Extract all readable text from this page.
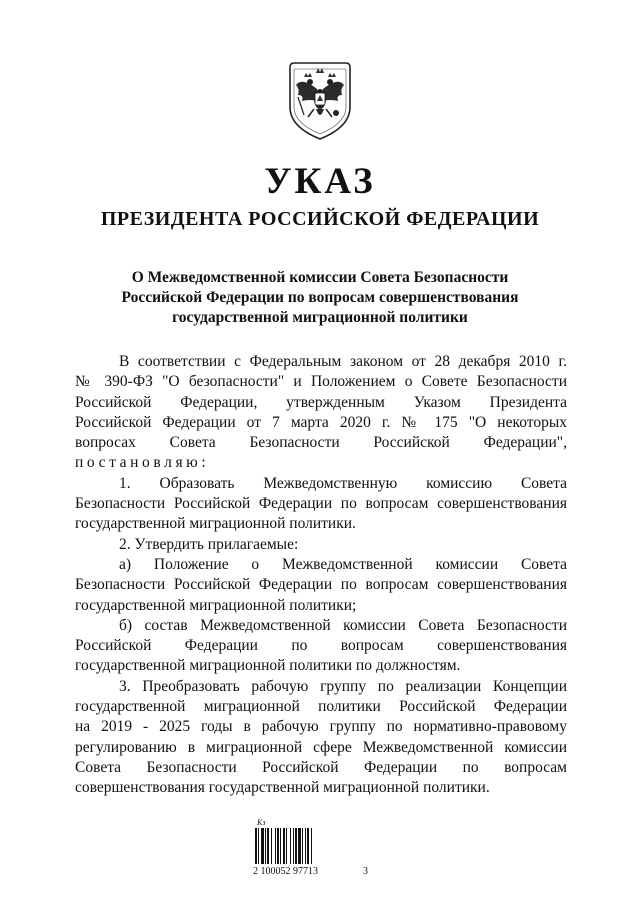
УКАЗ
ПРЕЗИДЕНТА РОССИЙСКОЙ ФЕДЕРАЦИИ
О Межведомственной комиссии Совета Безопасности
Российской Федерации по вопросам совершенствования
государственной миграционной политики

В соответствии с Федеральным законом от 28 декабря 2010 г.
№ 390-ФЗ "О безопасности" и Положением о Совете Безопасности
Российской Федерации, утвержденным Указом Президента
Российской Федерации от 7 марта 2020 г. № 175 "О некоторых
вопросах Совета Безопасности Российской Федерации",

постановляю:

1. Образовать Межведомственную комиссию Совета
Безопасности Российской Федерации по вопросам совершенствования
государственной миграционной политики.

2. Утвердить прилагаемые:

а) Положение о Межведомственной комиссии Совета
Безопасности Российской Федерации по вопросам совершенствования
государственной миграционной политики;

б) состав Межведомственной комиссии Совета Безопасности
Российской Федерации по вопросам совершенствования
государственной миграционной политики по должностям.

3. Преобразовать рабочую группу по реализации Концепции
государственной миграционной политики Российской Федерации
на 2019 - 2025 годы в рабочую группу по нормативно-правовому
регулированию в миграционной сфере Межведомственной комиссии
Совета Безопасности Российской Федерации по вопросам
совершенствования государственной миграционной политики.

Кз
2 100052 97713	3
